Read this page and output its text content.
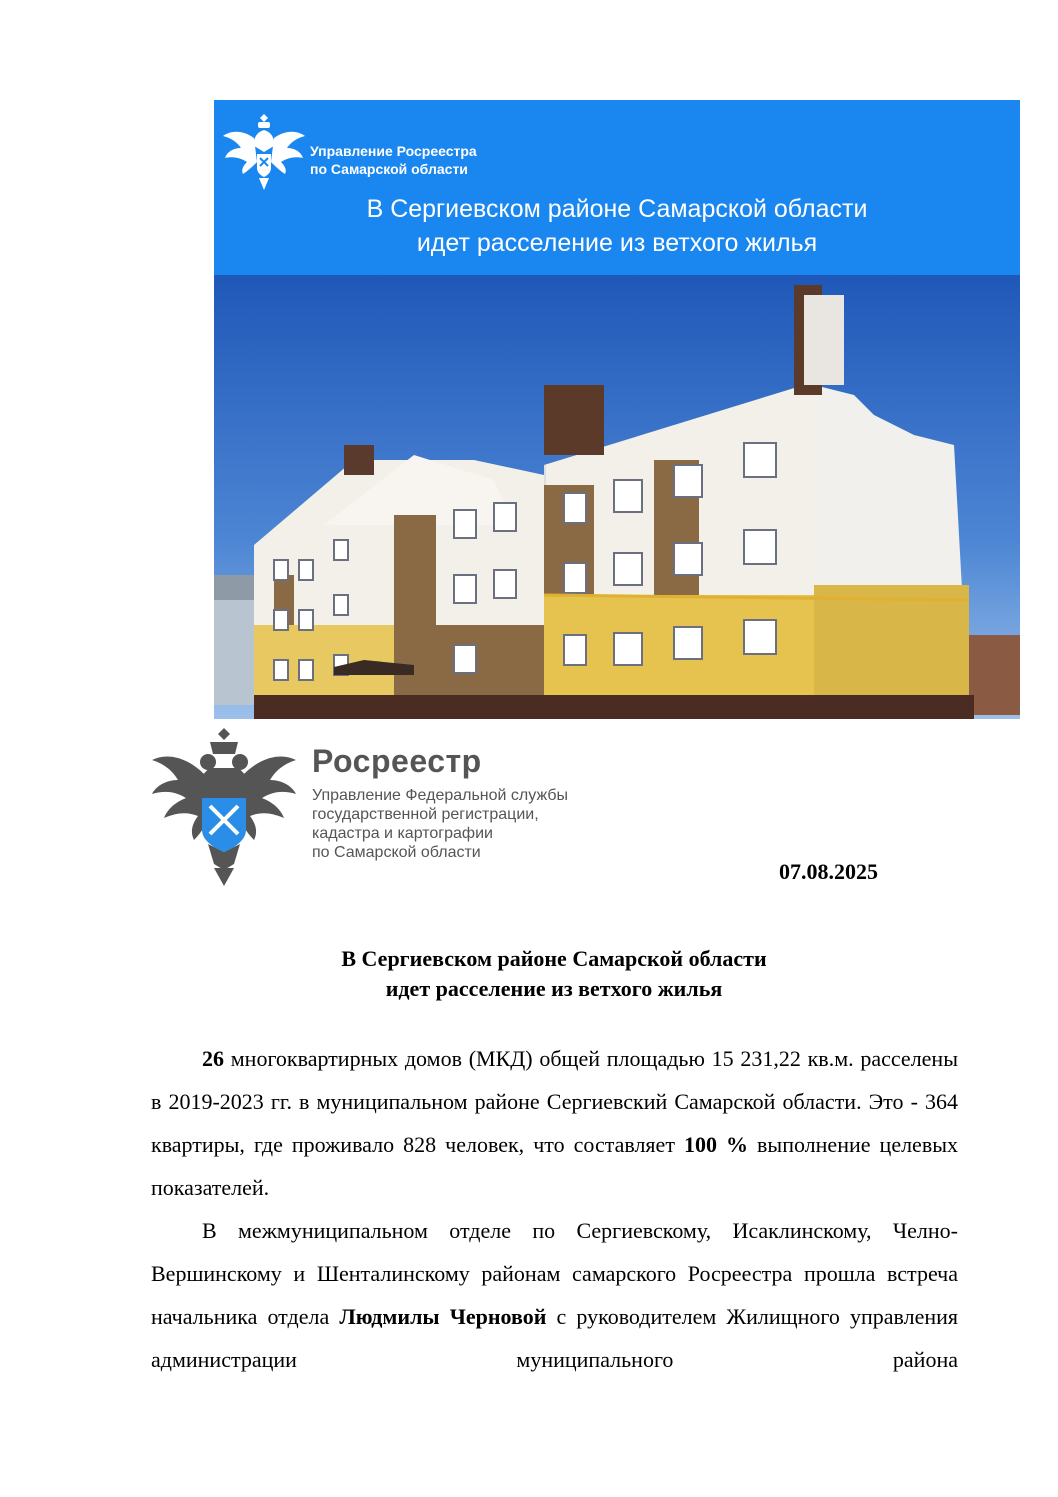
Управление Росреестра
по Самарской области
В Сергиевском районе Самарской области
идет расселение из ветхого жилья
Росреестр
Управление Федеральной службы
государственной регистрации,
кадастра и картографии
по Самарской области
07.08.2025
В Сергиевском районе Самарской области
идет расселение из ветхого жилья

26 многоквартирных домов (МКД) общей площадью 15 231,22 кв.м. расселены в 2019-2023 гг. в муниципальном районе Сергиевский Самарской области. Это - 364 квартиры, где проживало 828 человек, что составляет 100 % выполнение целевых показателей.

В межмуниципальном отделе по Сергиевскому, Исаклинскому, Челно-Вершинскому и Шенталинскому районам самарского Росреестра прошла встреча начальника отдела Людмилы Черновой с руководителем Жилищного управления администрации муниципального района
